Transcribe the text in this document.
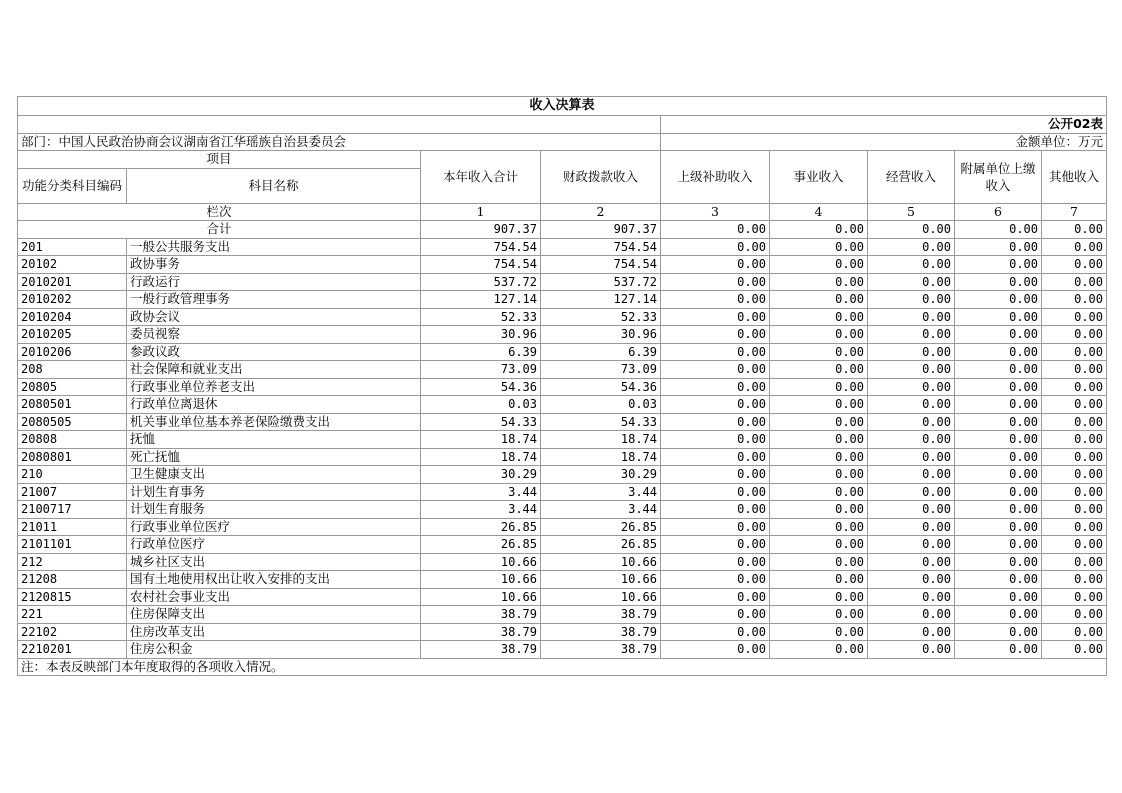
收入决算表								
				公开02表				
部门：中国人民政治协商会议湖南省江华瑶族自治县委员会				金额单位：万元				
项目		本年收入合计	财政拨款收入	上级补助收入	事业收入	经营收入	附属单位上缴收入	其他收入
功能分类科目编码	科目名称							
栏次		1	2	3	4	5	6	7
合计		907.37	907.37	0.00	0.00	0.00	0.00	0.00
201	一般公共服务支出	754.54	754.54	0.00	0.00	0.00	0.00	0.00
20102	政协事务	754.54	754.54	0.00	0.00	0.00	0.00	0.00
2010201	行政运行	537.72	537.72	0.00	0.00	0.00	0.00	0.00
2010202	一般行政管理事务	127.14	127.14	0.00	0.00	0.00	0.00	0.00
2010204	政协会议	52.33	52.33	0.00	0.00	0.00	0.00	0.00
2010205	委员视察	30.96	30.96	0.00	0.00	0.00	0.00	0.00
2010206	参政议政	6.39	6.39	0.00	0.00	0.00	0.00	0.00
208	社会保障和就业支出	73.09	73.09	0.00	0.00	0.00	0.00	0.00
20805	行政事业单位养老支出	54.36	54.36	0.00	0.00	0.00	0.00	0.00
2080501	行政单位离退休	0.03	0.03	0.00	0.00	0.00	0.00	0.00
2080505	机关事业单位基本养老保险缴费支出	54.33	54.33	0.00	0.00	0.00	0.00	0.00
20808	抚恤	18.74	18.74	0.00	0.00	0.00	0.00	0.00
2080801	死亡抚恤	18.74	18.74	0.00	0.00	0.00	0.00	0.00
210	卫生健康支出	30.29	30.29	0.00	0.00	0.00	0.00	0.00
21007	计划生育事务	3.44	3.44	0.00	0.00	0.00	0.00	0.00
2100717	计划生育服务	3.44	3.44	0.00	0.00	0.00	0.00	0.00
21011	行政事业单位医疗	26.85	26.85	0.00	0.00	0.00	0.00	0.00
2101101	行政单位医疗	26.85	26.85	0.00	0.00	0.00	0.00	0.00
212	城乡社区支出	10.66	10.66	0.00	0.00	0.00	0.00	0.00
21208	国有土地使用权出让收入安排的支出	10.66	10.66	0.00	0.00	0.00	0.00	0.00
2120815	农村社会事业支出	10.66	10.66	0.00	0.00	0.00	0.00	0.00
221	住房保障支出	38.79	38.79	0.00	0.00	0.00	0.00	0.00
22102	住房改革支出	38.79	38.79	0.00	0.00	0.00	0.00	0.00
2210201	住房公积金	38.79	38.79	0.00	0.00	0.00	0.00	0.00
注：本表反映部门本年度取得的各项收入情况。								
